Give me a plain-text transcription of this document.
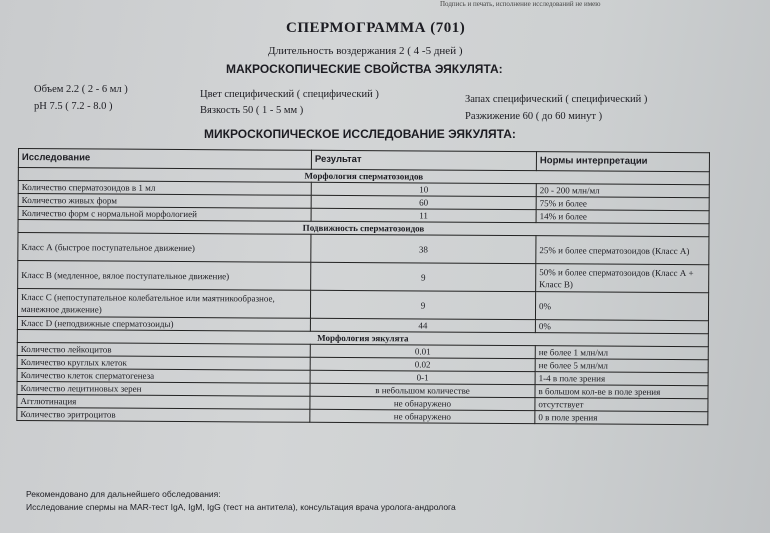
Подпись и печать, исполнение исследований не имею
СПЕРМОГРАММА (701)
Длительность воздержания 2 ( 4 -5 дней )
МАКРОСКОПИЧЕСКИЕ СВОЙСТВА ЭЯКУЛЯТА:
Объем 2.2 ( 2 - 6 мл )
pH 7.5 ( 7.2 - 8.0 )
Цвет специфический ( специфический )
Вязкость 50 ( 1 - 5 мм )
Запах специфический ( специфический )
Разжижение 60 ( до 60 минут )
МИКРОСКОПИЧЕСКОЕ ИССЛЕДОВАНИЕ ЭЯКУЛЯТА:
Исследование	Результат	Нормы интерпретации
Морфология сперматозоидов		
Количество сперматозоидов в 1 мл	10	20 - 200 млн/мл
Количество живых форм	60	75% и более
Количество форм с нормальной морфологией	11	14% и более
Подвижность сперматозоидов		
Класс А (быстрое поступательное движение)	38	25% и более сперматозоидов (Класс А)
Класс В (медленное, вялое поступательное движение)	9	50% и более сперматозоидов (Класс А + Класс В)
Класс С (непоступательное колебательное или маятникообразное, манежное движение)	9	0%
Класс D (неподвижные сперматозоиды)	44	0%
Морфология эякулята		
Количество лейкоцитов	0.01	не более 1 млн/мл
Количество круглых клеток	0.02	не более 5 млн/мл
Количество клеток сперматогенеза	0-1	1-4 в поле зрения
Количество лецитиновых зерен	в небольшом количестве	в большом кол-ве в поле зрения
Агглютинация	не обнаружено	отсутствует
Количество эритроцитов	не обнаружено	0 в поле зрения
Рекомендовано для дальнейшего обследования:
Исследование спермы на MAR-тест IgA, IgM, IgG (тест на антитела), консультация врача уролога-андролога
